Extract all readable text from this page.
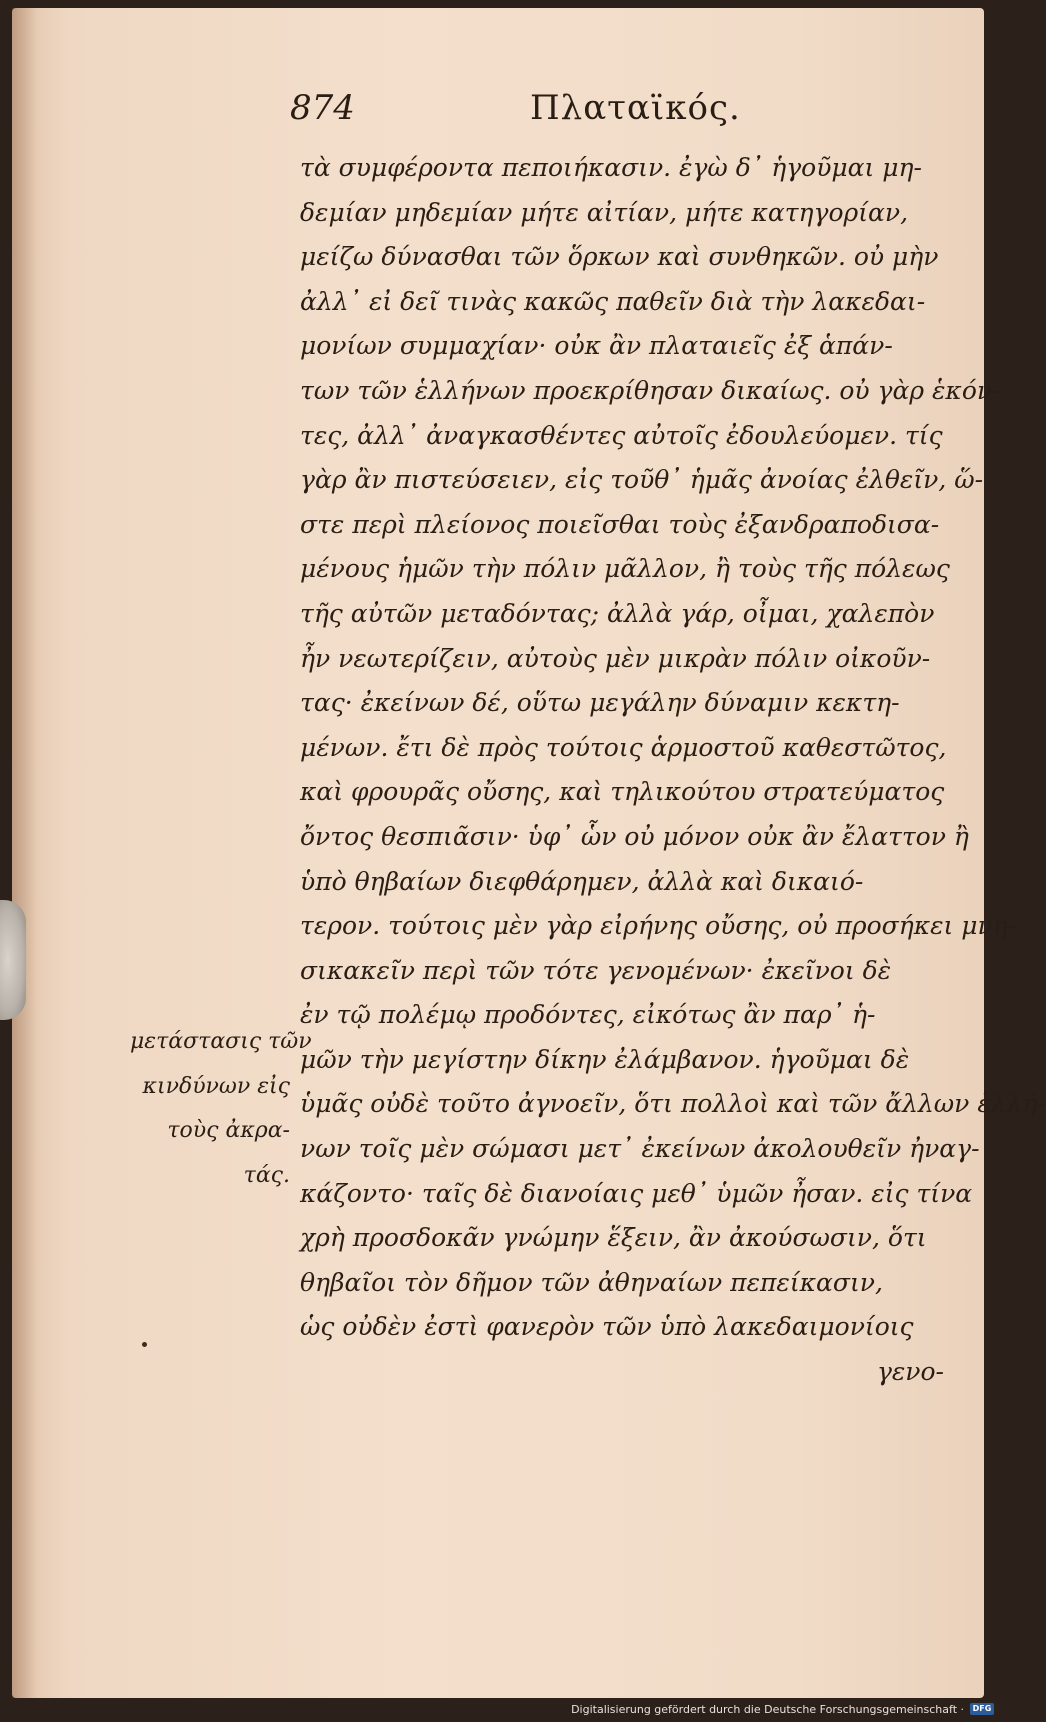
874	Πλαταϊκός.
τὰ συμφέροντα πεποιήκασιν. ἐγὼ δ᾽ ἡγοῦμαι μη-
δεμίαν μηδεμίαν μήτε αἰτίαν, μήτε κατηγορίαν,
μείζω δύνασθαι τῶν ὅρκων καὶ συνθηκῶν. οὐ μὴν
ἀλλ᾽ εἰ δεῖ τινὰς κακῶς παθεῖν διὰ τὴν λακεδαι-
μονίων συμμαχίαν· οὐκ ἂν πλαταιεῖς ἐξ ἁπάν-
των τῶν ἑλλήνων προεκρίθησαν δικαίως. οὐ γὰρ ἑκόν-
τες, ἀλλ᾽ ἀναγκασθέντες αὐτοῖς ἐδουλεύομεν. τίς
γὰρ ἂν πιστεύσειεν, εἰς τοῦθ᾽ ἡμᾶς ἀνοίας ἐλθεῖν, ὥ-
στε περὶ πλείονος ποιεῖσθαι τοὺς ἐξανδραποδισα-
μένους ἡμῶν τὴν πόλιν μᾶλλον, ἢ τοὺς τῆς πόλεως
τῆς αὐτῶν μεταδόντας; ἀλλὰ γάρ, οἶμαι, χαλεπὸν
ἦν νεωτερίζειν, αὐτοὺς μὲν μικρὰν πόλιν οἰκοῦν-
τας· ἐκείνων δέ, οὕτω μεγάλην δύναμιν κεκτη-
μένων. ἔτι δὲ πρὸς τούτοις ἁρμοστοῦ καθεστῶτος,
καὶ φρουρᾶς οὔσης, καὶ τηλικούτου στρατεύματος
ὄντος θεσπιᾶσιν· ὑφ᾽ ὧν οὐ μόνον οὐκ ἂν ἔλαττον ἢ
ὑπὸ θηβαίων διεφθάρημεν, ἀλλὰ καὶ δικαιό-
τερον. τούτοις μὲν γὰρ εἰρήνης οὔσης, οὐ προσήκει μνη-
σικακεῖν περὶ τῶν τότε γενομένων· ἐκεῖνοι δὲ
ἐν τῷ πολέμῳ προδόντες, εἰκότως ἂν παρ᾽ ἡ-
μῶν τὴν μεγίστην δίκην ἐλάμβανον. ἡγοῦμαι δὲ
ὑμᾶς οὐδὲ τοῦτο ἀγνοεῖν, ὅτι πολλοὶ καὶ τῶν ἄλλων ἑλλή-
νων τοῖς μὲν σώμασι μετ᾽ ἐκείνων ἀκολουθεῖν ἠναγ-
κάζοντο· ταῖς δὲ διανοίαις μεθ᾽ ὑμῶν ἦσαν. εἰς τίνα
χρὴ προσδοκᾶν γνώμην ἕξειν, ἂν ἀκούσωσιν, ὅτι
θηβαῖοι τὸν δῆμον τῶν ἀθηναίων πεπείκασιν,
ὡς οὐδὲν ἐστὶ φανερὸν τῶν ὑπὸ λακεδαιμονίοις
γενο-
μετάστασις τῶν
κινδύνων εἰς
τοὺς ἀκρα-
τάς.
Digitalisierung gefördert durch die Deutsche Forschungsgemeinschaft ·	DFG
